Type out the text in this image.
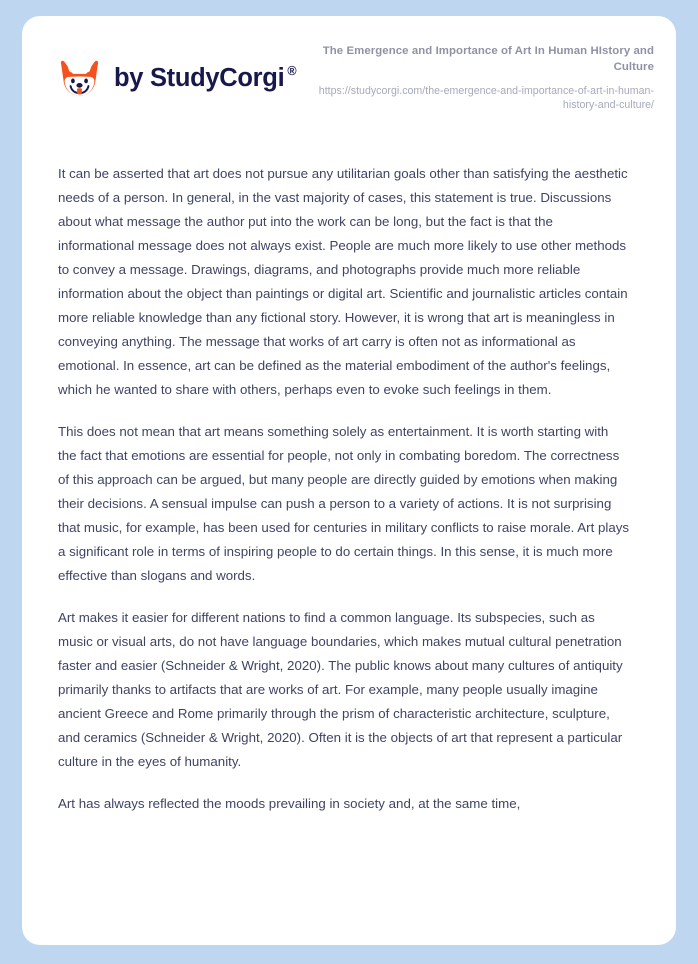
by StudyCorgi ®

The Emergence and Importance of Art In Human HIstory and Culture

https://studycorgi.com/the-emergence-and-importance-of-art-in-human-history-and-culture/

It can be asserted that art does not pursue any utilitarian goals other than satisfying the aesthetic needs of a person. In general, in the vast majority of cases, this statement is true. Discussions about what message the author put into the work can be long, but the fact is that the informational message does not always exist. People are much more likely to use other methods to convey a message. Drawings, diagrams, and photographs provide much more reliable information about the object than paintings or digital art. Scientific and journalistic articles contain more reliable knowledge than any fictional story. However, it is wrong that art is meaningless in conveying anything. The message that works of art carry is often not as informational as emotional. In essence, art can be defined as the material embodiment of the author's feelings, which he wanted to share with others, perhaps even to evoke such feelings in them.

This does not mean that art means something solely as entertainment. It is worth starting with the fact that emotions are essential for people, not only in combating boredom. The correctness of this approach can be argued, but many people are directly guided by emotions when making their decisions. A sensual impulse can push a person to a variety of actions. It is not surprising that music, for example, has been used for centuries in military conflicts to raise morale. Art plays a significant role in terms of inspiring people to do certain things. In this sense, it is much more effective than slogans and words.

Art makes it easier for different nations to find a common language. Its subspecies, such as music or visual arts, do not have language boundaries, which makes mutual cultural penetration faster and easier (Schneider & Wright, 2020). The public knows about many cultures of antiquity primarily thanks to artifacts that are works of art. For example, many people usually imagine ancient Greece and Rome primarily through the prism of characteristic architecture, sculpture, and ceramics (Schneider & Wright, 2020). Often it is the objects of art that represent a particular culture in the eyes of humanity.

Art has always reflected the moods prevailing in society and, at the same time,
